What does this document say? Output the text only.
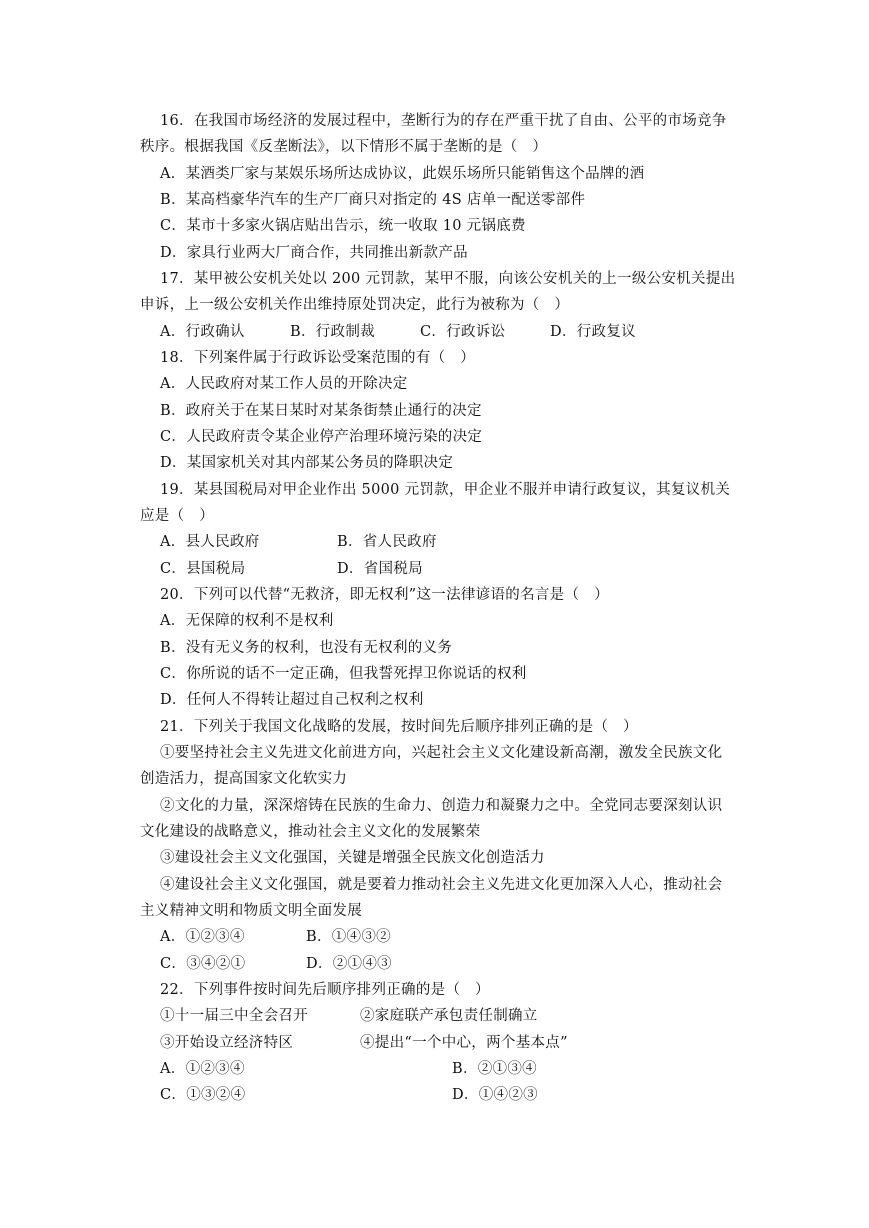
16．在我国市场经济的发展过程中，垄断行为的存在严重干扰了自由、公平的市场竞争
秩序。根据我国《反垄断法》，以下情形不属于垄断的是（　）
A．某酒类厂家与某娱乐场所达成协议，此娱乐场所只能销售这个品牌的酒
B．某高档豪华汽车的生产厂商只对指定的 4S 店单一配送零部件
C．某市十多家火锅店贴出告示，统一收取 10 元锅底费
D．家具行业两大厂商合作，共同推出新款产品
17．某甲被公安机关处以 200 元罚款，某甲不服，向该公安机关的上一级公安机关提出
申诉，上一级公安机关作出维持原处罚决定，此行为被称为（　）
A．行政确认	B．行政制裁	C．行政诉讼	D．行政复议
18．下列案件属于行政诉讼受案范围的有（　）
A．人民政府对某工作人员的开除决定
B．政府关于在某日某时对某条街禁止通行的决定
C．人民政府责令某企业停产治理环境污染的决定
D．某国家机关对其内部某公务员的降职决定
19．某县国税局对甲企业作出 5000 元罚款，甲企业不服并申请行政复议，其复议机关
应是（　）
A．县人民政府	B．省人民政府
C．县国税局	D．省国税局
20．下列可以代替“无救济，即无权利”这一法律谚语的名言是（　）
A．无保障的权利不是权利
B．没有无义务的权利，也没有无权利的义务
C．你所说的话不一定正确，但我誓死捍卫你说话的权利
D．任何人不得转让超过自己权利之权利
21．下列关于我国文化战略的发展，按时间先后顺序排列正确的是（　）
①要坚持社会主义先进文化前进方向，兴起社会主义文化建设新高潮，激发全民族文化
创造活力，提高国家文化软实力
②文化的力量，深深熔铸在民族的生命力、创造力和凝聚力之中。全党同志要深刻认识
文化建设的战略意义，推动社会主义文化的发展繁荣
③建设社会主义文化强国，关键是增强全民族文化创造活力
④建设社会主义文化强国，就是要着力推动社会主义先进文化更加深入人心，推动社会
主义精神文明和物质文明全面发展
A．①②③④	B．①④③②
C．③④②①	D．②①④③
22．下列事件按时间先后顺序排列正确的是（　）
①十一届三中全会召开	②家庭联产承包责任制确立
③开始设立经济特区	④提出“一个中心，两个基本点”
A．①②③④	B．②①③④
C．①③②④	D．①④②③
